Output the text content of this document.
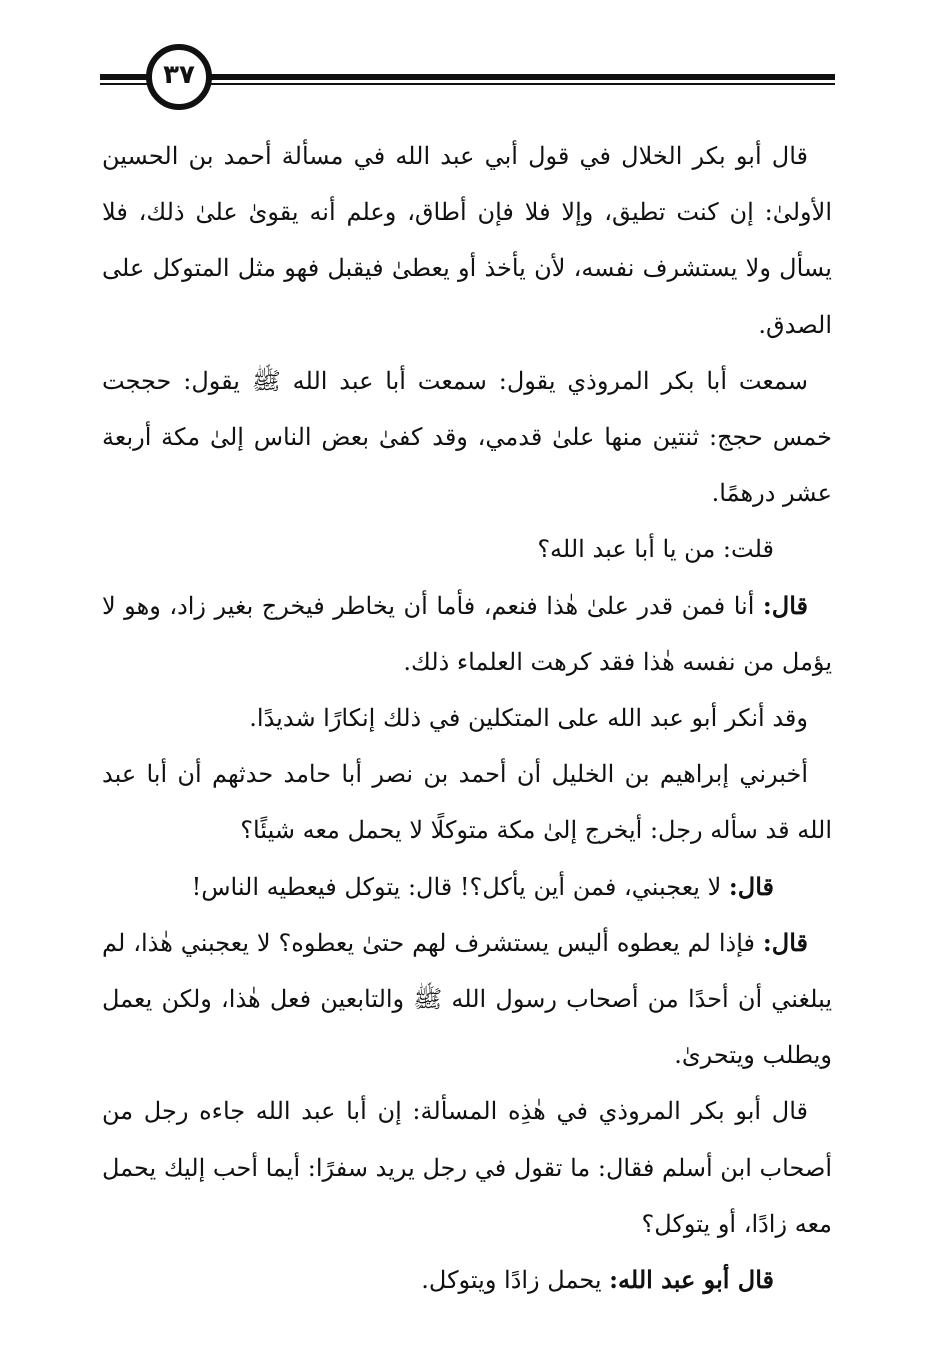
٣٧

قال أبو بكر الخلال في قول أبي عبد الله في مسألة أحمد بن الحسين الأولىٰ: إن كنت تطيق، وإلا فلا فإن أطاق، وعلم أنه يقوىٰ علىٰ ذلك، فلا يسأل ولا يستشرف نفسه، لأن يأخذ أو يعطىٰ فيقبل فهو مثل المتوكل على الصدق.

سمعت أبا بكر المروذي يقول: سمعت أبا عبد الله ﷺ يقول: حججت خمس حجج: ثنتين منها علىٰ قدمي، وقد كفىٰ بعض الناس إلىٰ مكة أربعة عشر درهمًا.

قلت: من يا أبا عبد الله؟

قال: أنا فمن قدر علىٰ هٰذا فنعم، فأما أن يخاطر فيخرج بغير زاد، وهو لا يؤمل من نفسه هٰذا فقد كرهت العلماء ذلك.

وقد أنكر أبو عبد الله على المتكلين في ذلك إنكارًا شديدًا.

أخبرني إبراهيم بن الخليل أن أحمد بن نصر أبا حامد حدثهم أن أبا عبد الله قد سأله رجل: أيخرج إلىٰ مكة متوكلًا لا يحمل معه شيئًا؟

قال: لا يعجبني، فمن أين يأكل؟! قال: يتوكل فيعطيه الناس!

قال: فإذا لم يعطوه أليس يستشرف لهم حتىٰ يعطوه؟ لا يعجبني هٰذا، لم يبلغني أن أحدًا من أصحاب رسول الله ﷺ والتابعين فعل هٰذا، ولكن يعمل ويطلب ويتحرىٰ.

قال أبو بكر المروذي في هٰذِه المسألة: إن أبا عبد الله جاءه رجل من أصحاب ابن أسلم فقال: ما تقول في رجل يريد سفرًا: أيما أحب إليك يحمل معه زادًا، أو يتوكل؟

قال أبو عبد الله: يحمل زادًا ويتوكل.
